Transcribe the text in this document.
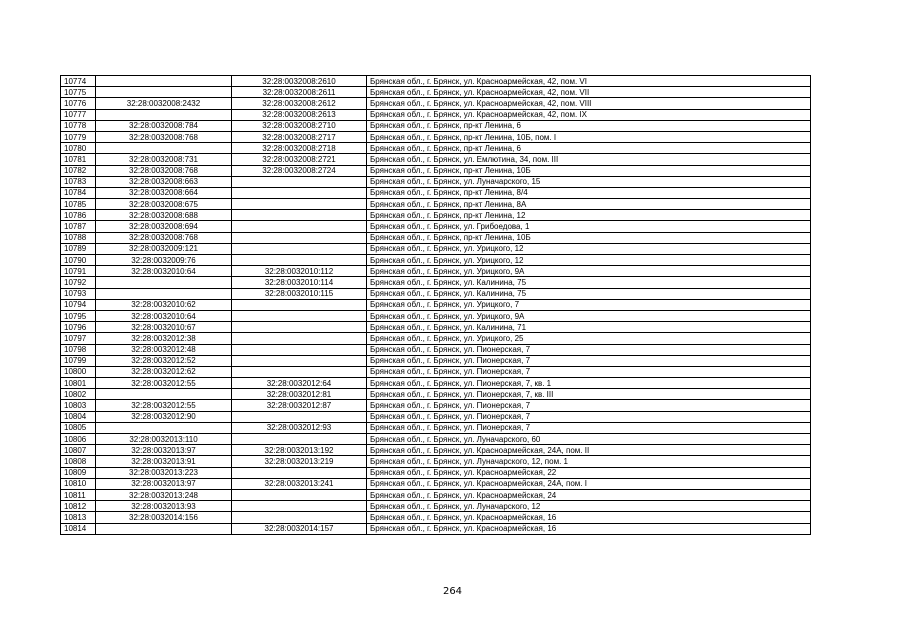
10774		32:28:0032008:2610	Брянская обл., г. Брянск, ул. Красноармейская, 42, пом. VI
10775		32:28:0032008:2611	Брянская обл., г. Брянск, ул. Красноармейская, 42, пом. VII
10776	32:28:0032008:2432	32:28:0032008:2612	Брянская обл., г. Брянск, ул. Красноармейская, 42, пом. VIII
10777		32:28:0032008:2613	Брянская обл., г. Брянск, ул. Красноармейская, 42, пом. IX
10778	32:28:0032008:784	32:28:0032008:2710	Брянская обл., г. Брянск, пр-кт Ленина, 6
10779	32:28:0032008:768	32:28:0032008:2717	Брянская обл., г. Брянск, пр-кт Ленина, 10Б, пом. I
10780		32:28:0032008:2718	Брянская обл., г. Брянск, пр-кт Ленина, 6
10781	32:28:0032008:731	32:28:0032008:2721	Брянская обл., г. Брянск, ул. Емлютина, 34, пом. III
10782	32:28:0032008:768	32:28:0032008:2724	Брянская обл., г. Брянск, пр-кт Ленина, 10Б
10783	32:28:0032008:663		Брянская обл., г. Брянск, ул. Луначарского, 15
10784	32:28:0032008:664		Брянская обл., г. Брянск, пр-кт Ленина, 8/4
10785	32:28:0032008:675		Брянская обл., г. Брянск, пр-кт Ленина, 8А
10786	32:28:0032008:688		Брянская обл., г. Брянск, пр-кт Ленина, 12
10787	32:28:0032008:694		Брянская обл., г. Брянск, ул. Грибоедова, 1
10788	32:28:0032008:768		Брянская обл., г. Брянск, пр-кт Ленина, 10Б
10789	32:28:0032009:121		Брянская обл., г. Брянск, ул. Урицкого, 12
10790	32:28:0032009:76		Брянская обл., г. Брянск, ул. Урицкого, 12
10791	32:28:0032010:64	32:28:0032010:112	Брянская обл., г. Брянск, ул. Урицкого, 9А
10792		32:28:0032010:114	Брянская обл., г. Брянск, ул. Калинина, 75
10793		32:28:0032010:115	Брянская обл., г. Брянск, ул. Калинина, 75
10794	32:28:0032010:62		Брянская обл., г. Брянск, ул. Урицкого, 7
10795	32:28:0032010:64		Брянская обл., г. Брянск, ул. Урицкого, 9А
10796	32:28:0032010:67		Брянская обл., г. Брянск, ул. Калинина, 71
10797	32:28:0032012:38		Брянская обл., г. Брянск, ул. Урицкого, 25
10798	32:28:0032012:48		Брянская обл., г. Брянск, ул. Пионерская, 7
10799	32:28:0032012:52		Брянская обл., г. Брянск, ул. Пионерская, 7
10800	32:28:0032012:62		Брянская обл., г. Брянск, ул. Пионерская, 7
10801	32:28:0032012:55	32:28:0032012:64	Брянская обл., г. Брянск, ул. Пионерская, 7, кв. 1
10802		32:28:0032012:81	Брянская обл., г. Брянск, ул. Пионерская, 7, кв. III
10803	32:28:0032012:55	32:28:0032012:87	Брянская обл., г. Брянск, ул. Пионерская, 7
10804	32:28:0032012:90		Брянская обл., г. Брянск, ул. Пионерская, 7
10805		32:28:0032012:93	Брянская обл., г. Брянск, ул. Пионерская, 7
10806	32:28:0032013:110		Брянская обл., г. Брянск, ул. Луначарского, 60
10807	32:28:0032013:97	32:28:0032013:192	Брянская обл., г. Брянск, ул. Красноармейская, 24А, пом. II
10808	32:28:0032013:91	32:28:0032013:219	Брянская обл., г. Брянск, ул. Луначарского, 12, пом. 1
10809	32:28:0032013:223		Брянская обл., г. Брянск, ул. Красноармейская, 22
10810	32:28:0032013:97	32:28:0032013:241	Брянская обл., г. Брянск, ул. Красноармейская, 24А, пом. I
10811	32:28:0032013:248		Брянская обл., г. Брянск, ул. Красноармейская, 24
10812	32:28:0032013:93		Брянская обл., г. Брянск, ул. Луначарского, 12
10813	32:28:0032014:156		Брянская обл., г. Брянск, ул. Красноармейская, 16
10814		32:28:0032014:157	Брянская обл., г. Брянск, ул. Красноармейская, 16
264
